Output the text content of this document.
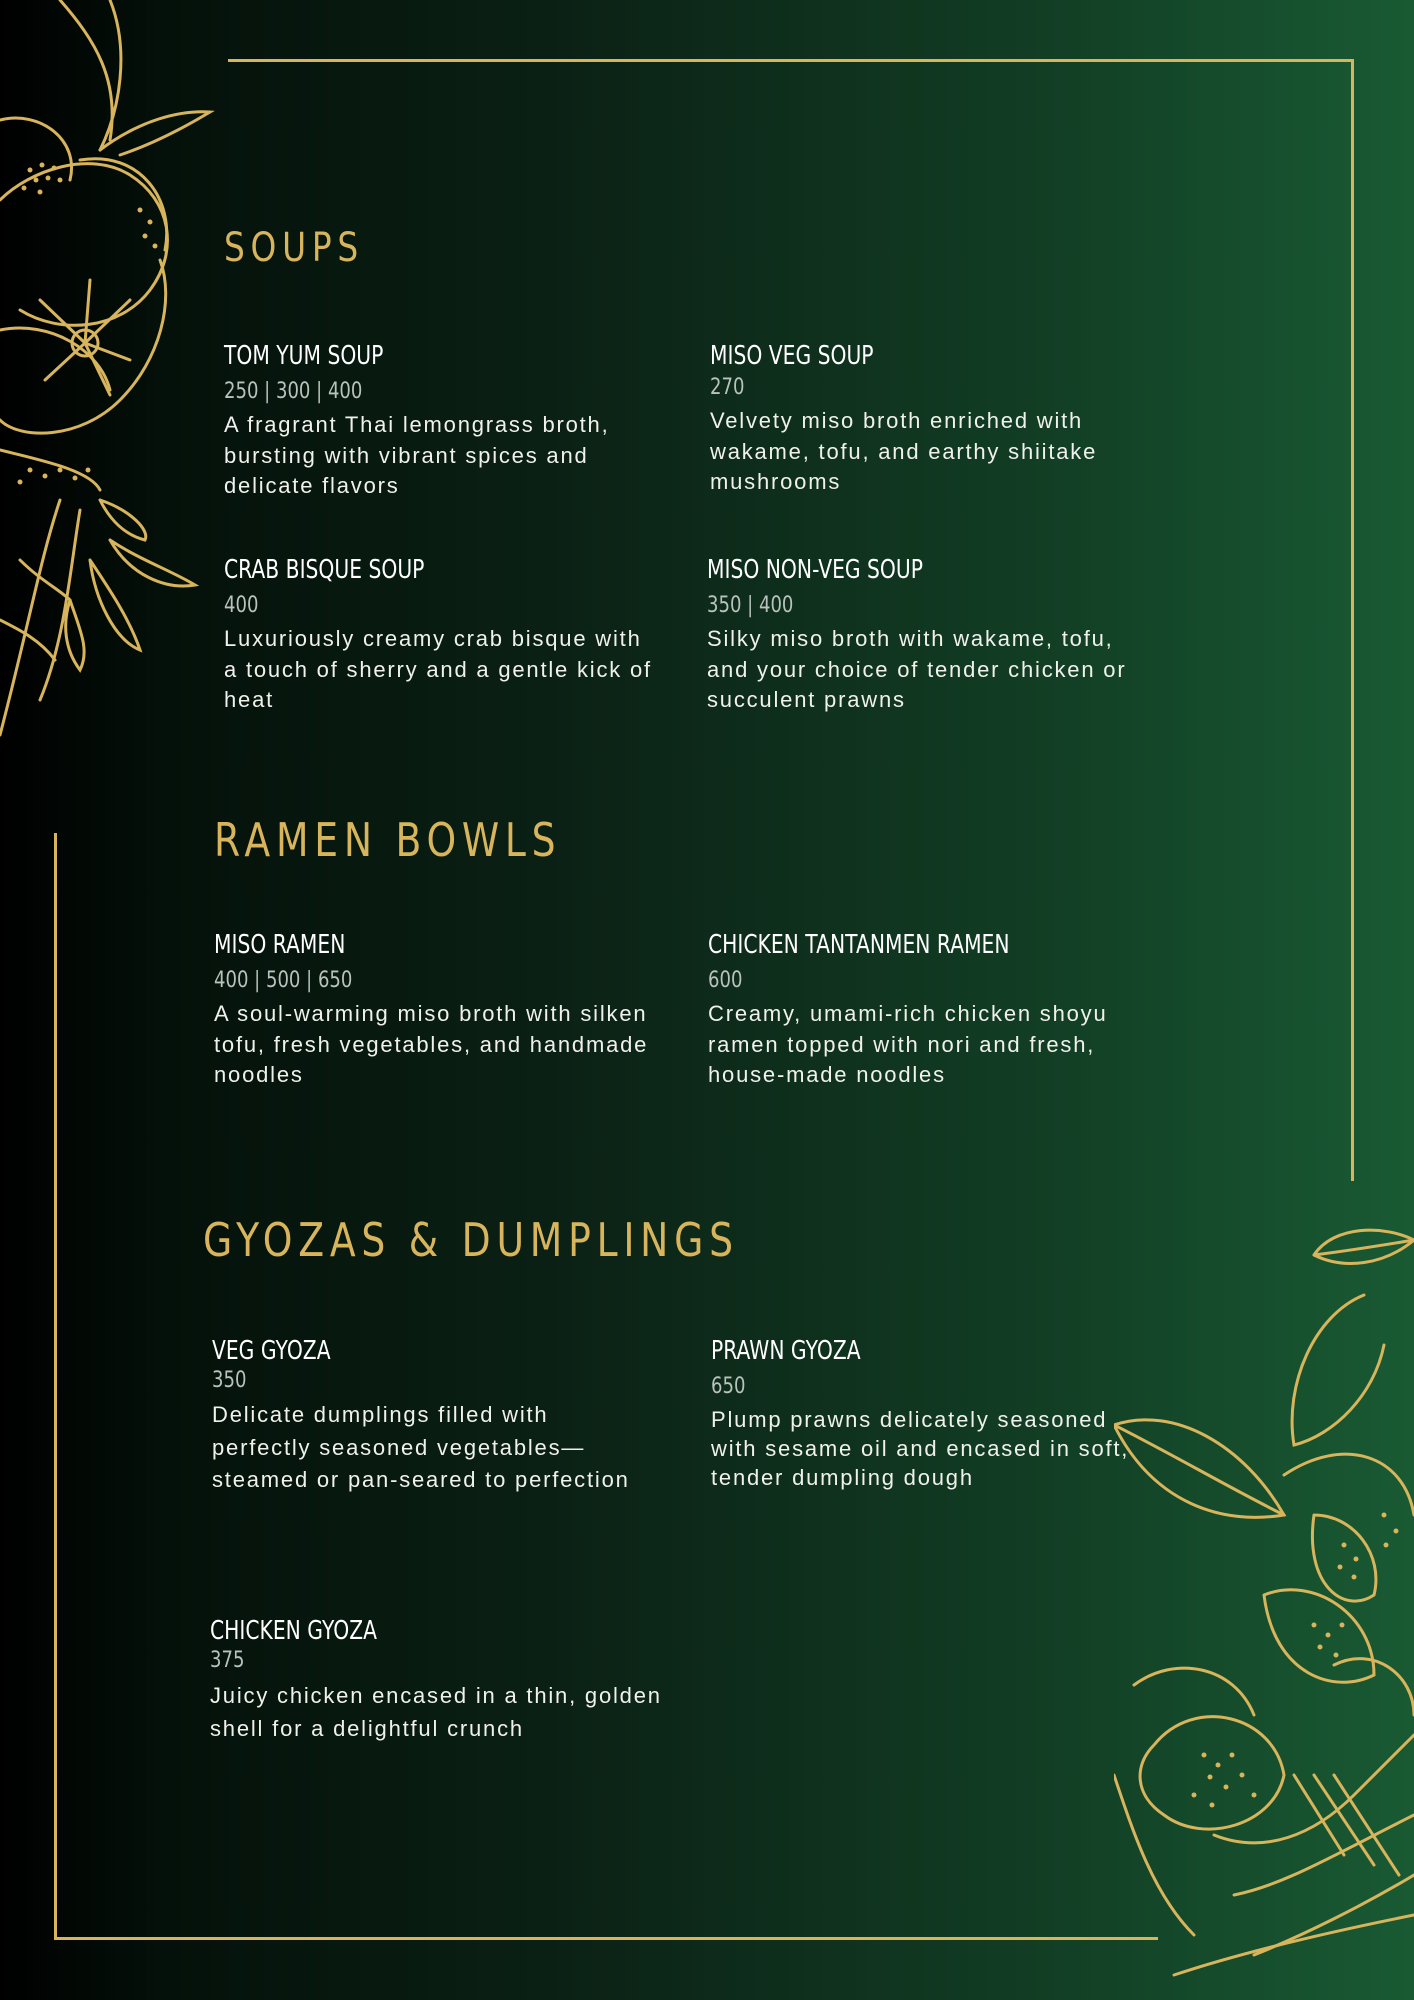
SOUPS
TOM YUM SOUP
250 | 300 | 400
A fragrant Thai lemongrass broth, bursting with vibrant spices and delicate flavors
MISO VEG SOUP
270
Velvety miso broth enriched with wakame, tofu, and earthy shiitake mushrooms
CRAB BISQUE SOUP
400
Luxuriously creamy crab bisque with a touch of sherry and a gentle kick of heat
MISO NON-VEG SOUP
350 | 400
Silky miso broth with wakame, tofu, and your choice of tender chicken or succulent prawns
RAMEN BOWLS
MISO RAMEN
400 | 500 | 650
A soul-warming miso broth with silken tofu, fresh vegetables, and handmade noodles
CHICKEN TANTANMEN RAMEN
600
Creamy, umami-rich chicken shoyu ramen topped with nori and fresh, house-made noodles
GYOZAS & DUMPLINGS
VEG GYOZA
350
Delicate dumplings filled with perfectly seasoned vegetables—steamed or pan-seared to perfection
PRAWN GYOZA
650
Plump prawns delicately seasoned with sesame oil and encased in soft, tender dumpling dough
CHICKEN GYOZA
375
Juicy chicken encased in a thin, golden shell for a delightful crunch
